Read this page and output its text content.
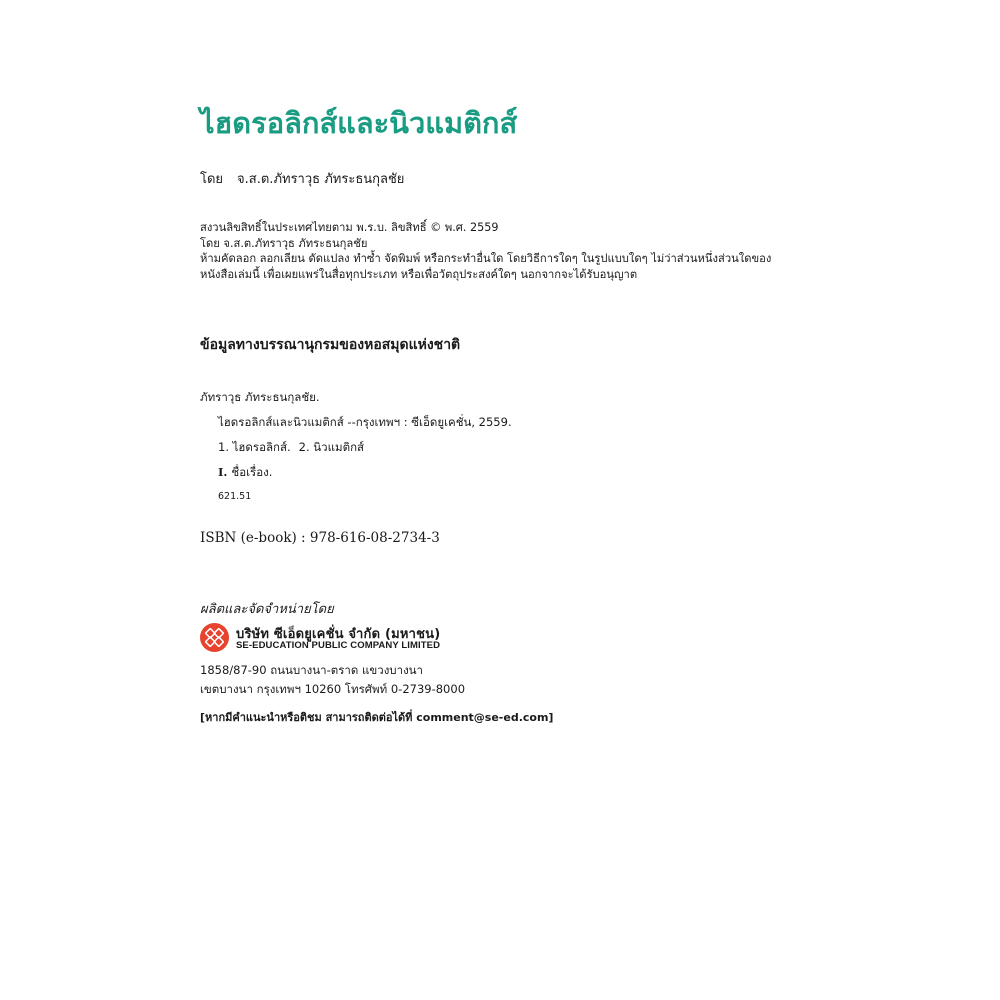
ไฮดรอลิกส์และนิวแมติกส์
โดย จ.ส.ต.ภัทราวุธ ภัทระธนกุลชัย
สงวนลิขสิทธิ์ในประเทศไทยตาม พ.ร.บ. ลิขสิทธิ์ © พ.ศ. 2559
โดย จ.ส.ต.ภัทราวุธ ภัทระธนกุลชัย
ห้ามคัดลอก ลอกเลียน ดัดแปลง ทำซ้ำ จัดพิมพ์ หรือกระทำอื่นใด โดยวิธีการใดๆ ในรูปแบบใดๆ ไม่ว่าส่วนหนึ่งส่วนใดของ
หนังสือเล่มนี้ เพื่อเผยแพร่ในสื่อทุกประเภท หรือเพื่อวัตถุประสงค์ใดๆ นอกจากจะได้รับอนุญาต
ข้อมูลทางบรรณานุกรมของหอสมุดแห่งชาติ
ภัทราวุธ ภัทระธนกุลชัย.
ไฮดรอลิกส์และนิวแมติกส์ --กรุงเทพฯ : ซีเอ็ดยูเคชั่น, 2559.
1. ไฮดรอลิกส์. 2. นิวแมติกส์
I. ชื่อเรื่อง.
621.51
ISBN (e-book) : 978-616-08-2734-3
ผลิตและจัดจำหน่ายโดย
บริษัท ซีเอ็ดยูเคชั่น จำกัด (มหาชน)
SE-EDUCATION PUBLIC COMPANY LIMITED
1858/87-90 ถนนบางนา-ตราด แขวงบางนา
เขตบางนา กรุงเทพฯ 10260 โทรศัพท์ 0-2739-8000
[หากมีคำแนะนำหรือติชม สามารถติดต่อได้ที่ comment@se-ed.com]
